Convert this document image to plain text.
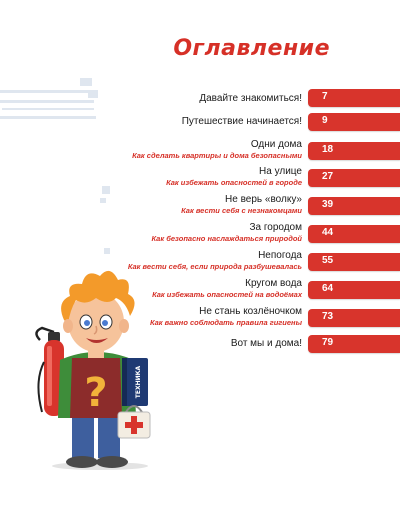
Оглавление
Давайте знакомиться! 7
Путешествие начинается! 9
Одни дома
Как сделать квартиры и дома безопасными
18
На улице
Как избежать опасностей в городе
27
Не верь «волку»
Как вести себя с незнакомцами
39
За городом
Как безопасно наслаждаться природой
44
Непогода
Как вести себя, если природа разбушевалась
55
Кругом вода
Как избежать опасностей на водоёмах
64
Не стань козлёночком
Как важно соблюдать правила гигиены
73
Вот мы и дома! 79
?	ТЕХНИКА
